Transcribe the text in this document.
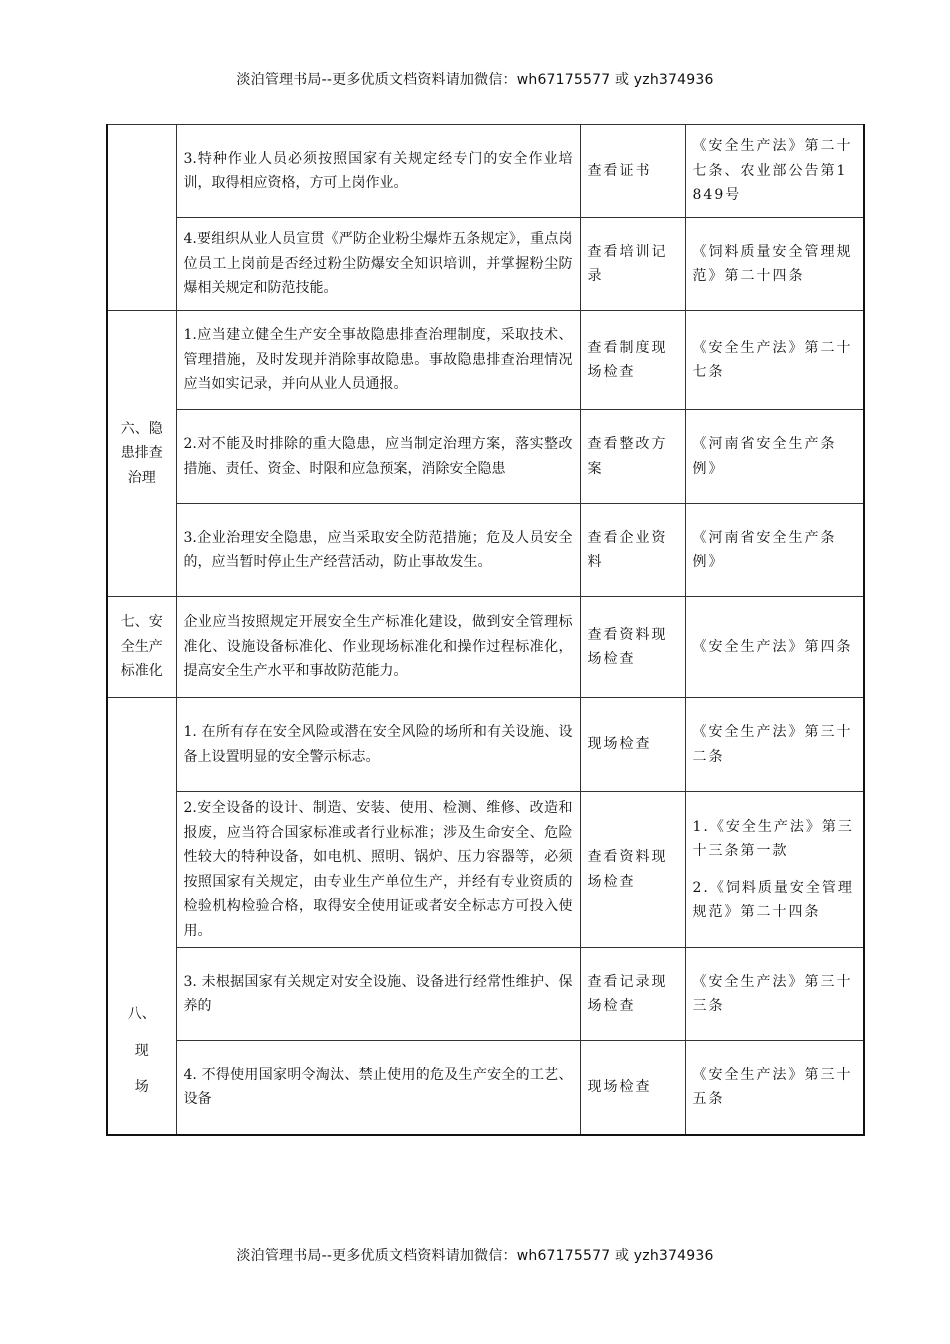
淡泊管理书局--更多优质文档资料请加微信：wh67175577 或 yzh374936
	3.特种作业人员必须按照国家有关规定经专门的安全作业培训，取得相应资格，方可上岗作业。	查看证书	《安全生产法》第二十七条、农业部公告第1849号
	4.要组织从业人员宣贯《严防企业粉尘爆炸五条规定》，重点岗位员工上岗前是否经过粉尘防爆安全知识培训，并掌握粉尘防爆相关规定和防范技能。	查看培训记录	《饲料质量安全管理规范》第二十四条

六、隐
患排查
治理	1.应当建立健全生产安全事故隐患排查治理制度，采取技术、管理措施，及时发现并消除事故隐患。事故隐患排查治理情况应当如实记录，并向从业人员通报。	查看制度现场检查	《安全生产法》第二十七条
	2.对不能及时排除的重大隐患，应当制定治理方案，落实整改措施、责任、资金、时限和应急预案，消除安全隐患	查看整改方案	《河南省安全生产条例》
	3.企业治理安全隐患，应当采取安全防范措施；危及人员安全的，应当暂时停止生产经营活动，防止事故发生。	查看企业资料	《河南省安全生产条例》

七、安
全生产
标准化	企业应当按照规定开展安全生产标准化建设，做到安全管理标准化、设施设备标准化、作业现场标准化和操作过程标准化，提高安全生产水平和事故防范能力。	查看资料现场检查	《安全生产法》第四条

八、
现
场	1. 在所有存在安全风险或潜在安全风险的场所和有关设施、设备上设置明显的安全警示标志。	现场检查	《安全生产法》第三十二条
	2.安全设备的设计、制造、安装、使用、检测、维修、改造和报废，应当符合国家标准或者行业标准；涉及生命安全、危险性较大的特种设备，如电机、照明、锅炉、压力容器等，必须按照国家有关规定，由专业生产单位生产，并经有专业资质的检验机构检验合格，取得安全使用证或者安全标志方可投入使用。	查看资料现场检查	1.《安全生产法》第三十三条第一款
2.《饲料质量安全管理规范》第二十四条

	3. 未根据国家有关规定对安全设施、设备进行经常性维护、保养的	查看记录现场检查	《安全生产法》第三十三条
	4. 不得使用国家明令淘汰、禁止使用的危及生产安全的工艺、设备	现场检查	《安全生产法》第三十五条
淡泊管理书局--更多优质文档资料请加微信：wh67175577 或 yzh374936
